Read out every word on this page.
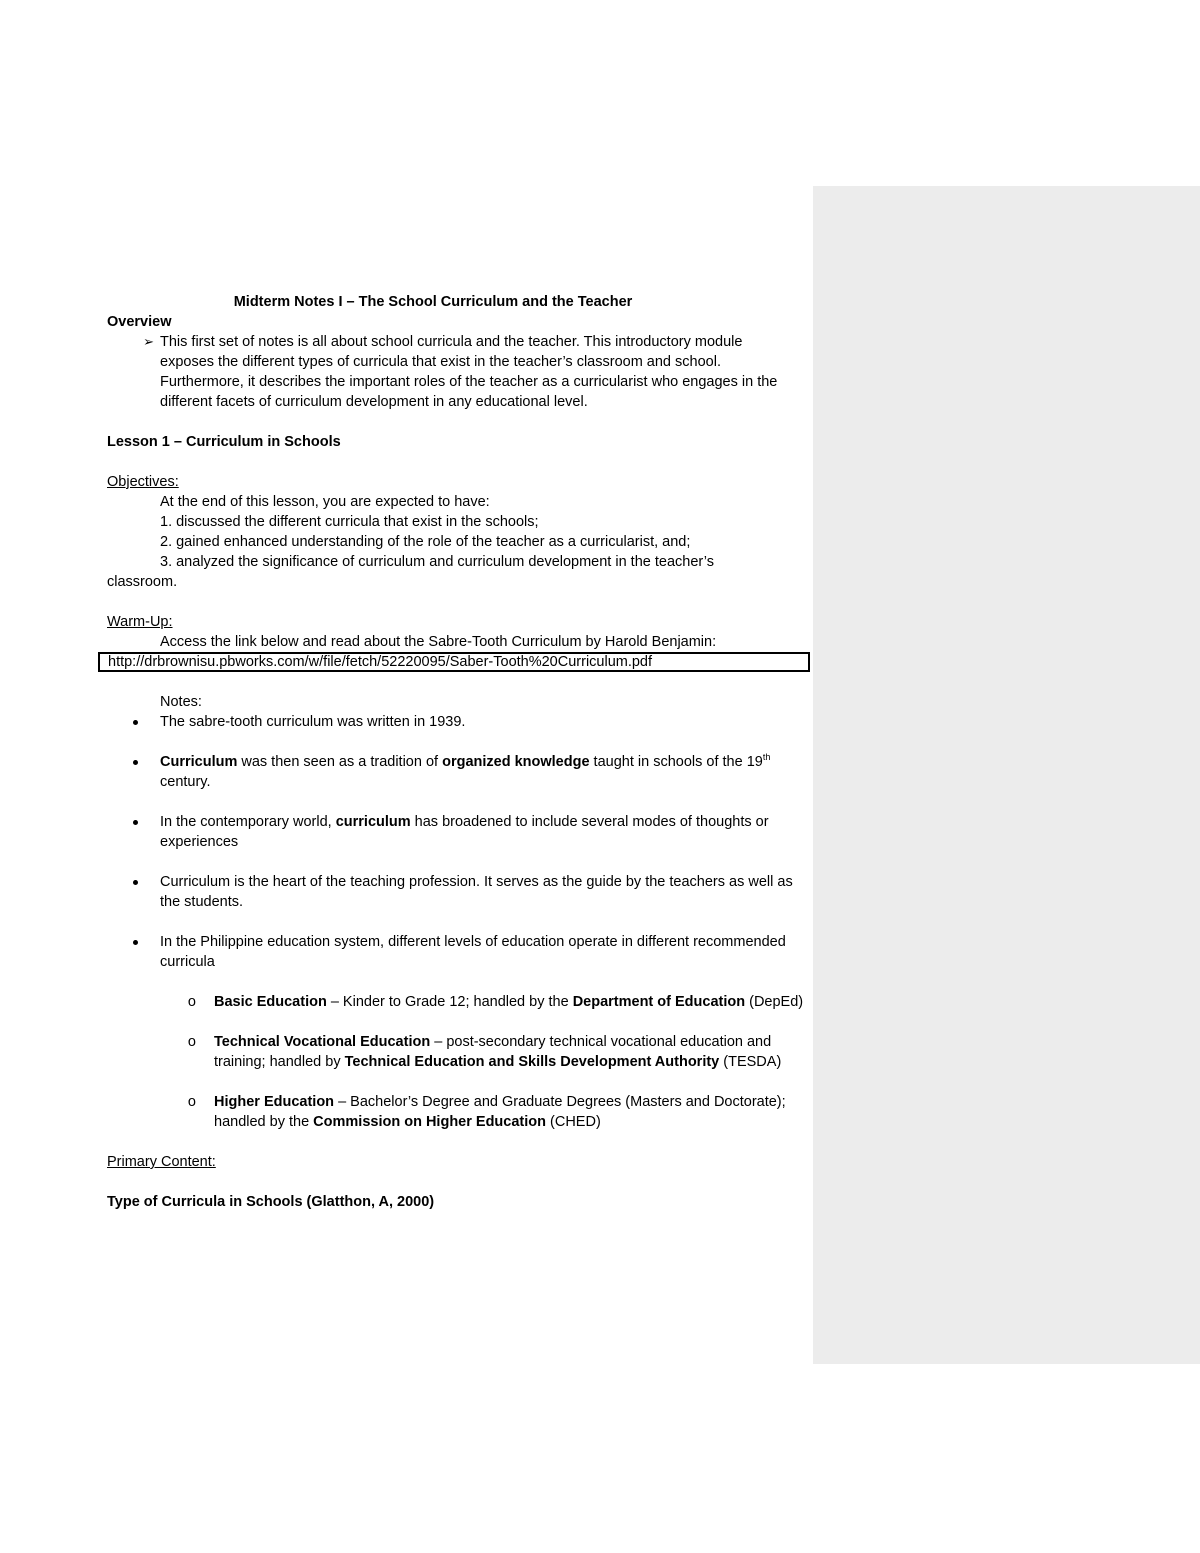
Midterm Notes I – The School Curriculum and the Teacher

Overview

➢ This first set of notes is all about school curricula and the teacher. This introductory module exposes the different types of curricula that exist in the teacher’s classroom and school. Furthermore, it describes the important roles of the teacher as a curricularist who engages in the different facets of curriculum development in any educational level.

Lesson 1 – Curriculum in Schools

Objectives:

At the end of this lesson, you are expected to have:

1. discussed the different curricula that exist in the schools;

2. gained enhanced understanding of the role of the teacher as a curricularist, and;

3. analyzed the significance of curriculum and curriculum development in the teacher’s

classroom.

Warm-Up:

Access the link below and read about the Sabre-Tooth Curriculum by Harold Benjamin:

http://drbrownisu.pbworks.com/w/file/fetch/52220095/Saber-Tooth%20Curriculum.pdf

Notes:

The sabre-tooth curriculum was written in 1939.
Curriculum was then seen as a tradition of organized knowledge taught in schools of the 19th
century.
In the contemporary world, curriculum has broadened to include several modes of thoughts or experiences
Curriculum is the heart of the teaching profession. It serves as the guide by the teachers as well as the students.
In the Philippine education system, different levels of education operate in different recommended curricula
o	Basic Education – Kinder to Grade 12; handled by the Department of Education (DepEd)
o	Technical Vocational Education – post-secondary technical vocational education and training; handled by Technical Education and Skills Development Authority (TESDA)
o	Higher Education – Bachelor’s Degree and Graduate Degrees (Masters and Doctorate); handled by the Commission on Higher Education (CHED)

Primary Content:

Type of Curricula in Schools (Glatthon, A, 2000)
